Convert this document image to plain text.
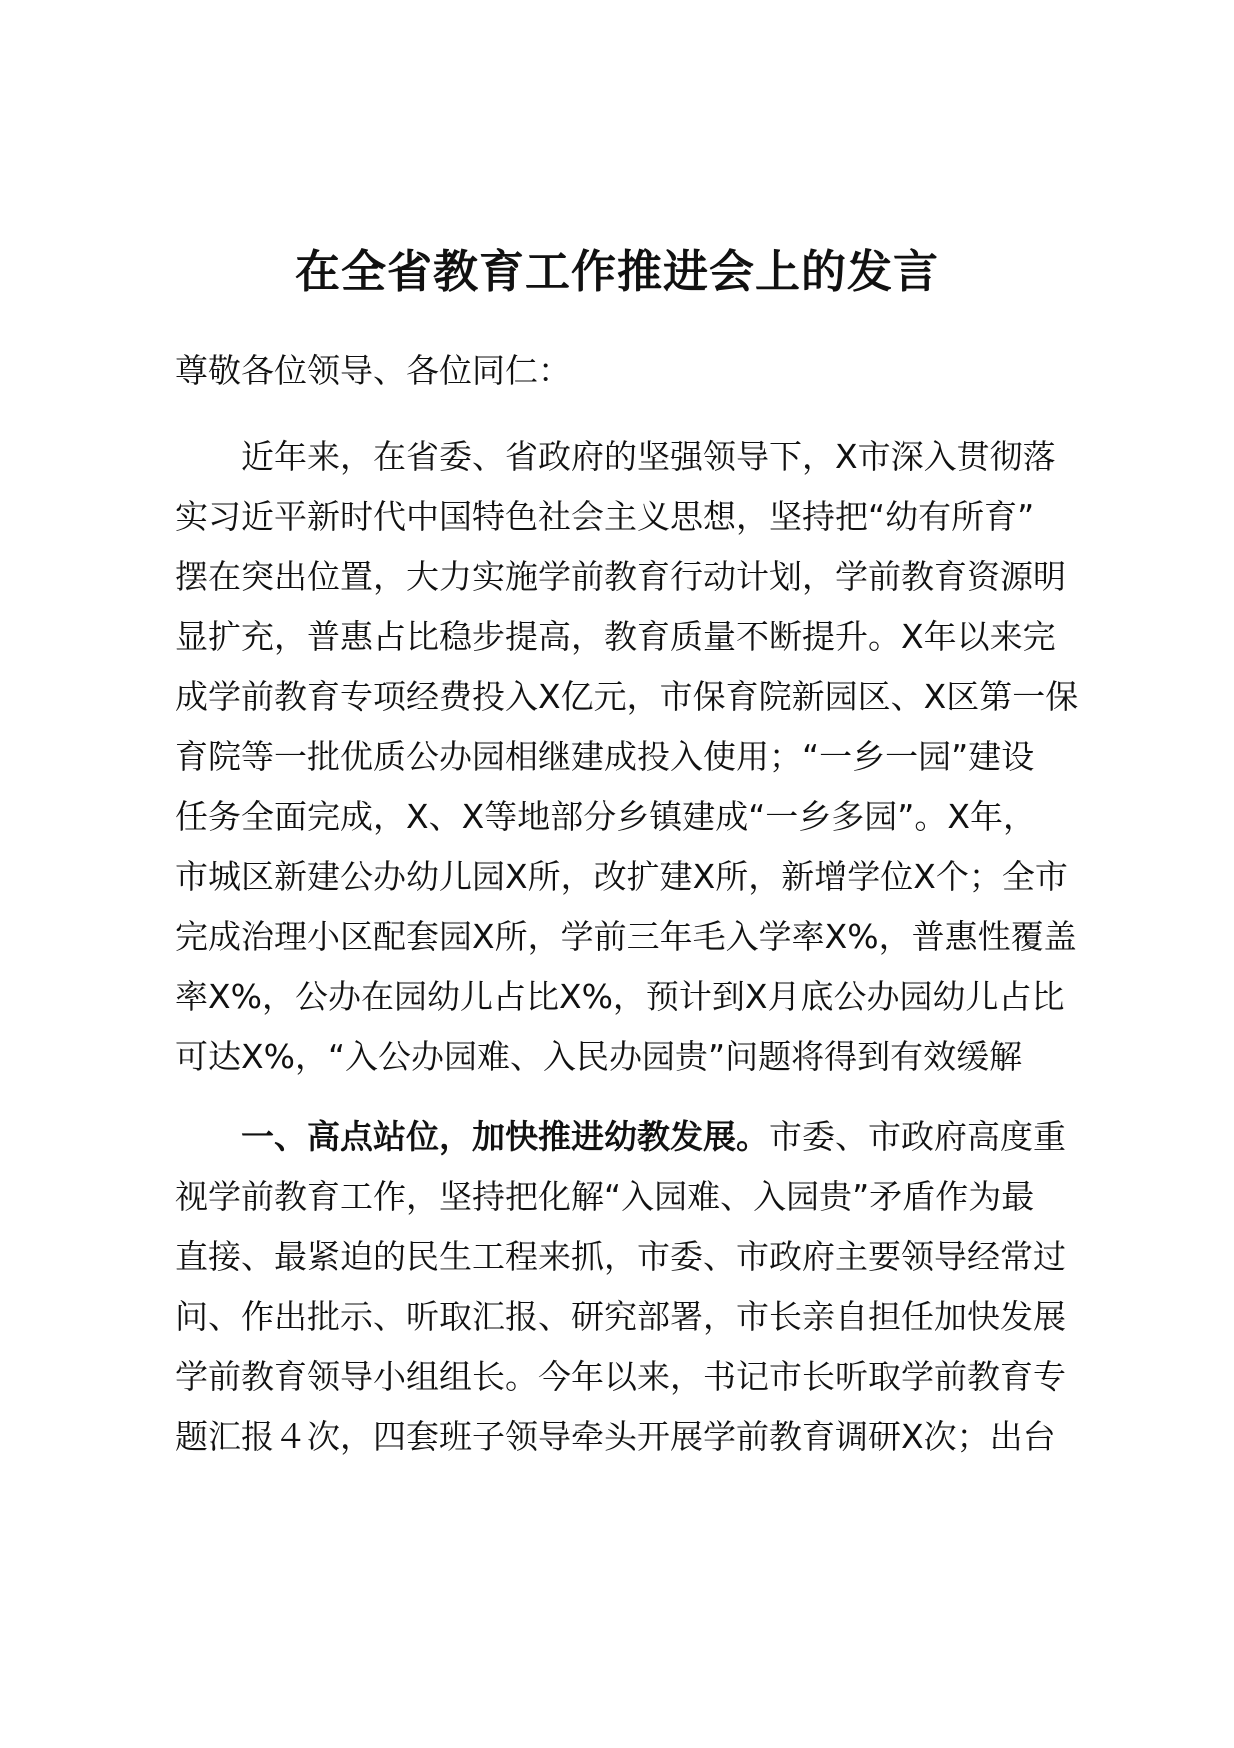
在全省教育工作推进会上的发言

尊敬各位领导、各位同仁：

近年来，在省委、省政府的坚强领导下，X市深入贯彻落
实习近平新时代中国特色社会主义思想，坚持把“幼有所育”
摆在突出位置，大力实施学前教育行动计划，学前教育资源明
显扩充，普惠占比稳步提高，教育质量不断提升。X年以来完
成学前教育专项经费投入X亿元，市保育院新园区、X区第一保
育院等一批优质公办园相继建成投入使用；“一乡一园”建设
任务全面完成，X、X等地部分乡镇建成“一乡多园”。X年，
市城区新建公办幼儿园X所，改扩建X所，新增学位X个；全市
完成治理小区配套园X所，学前三年毛入学率X%，普惠性覆盖
率X%，公办在园幼儿占比X%，预计到X月底公办园幼儿占比
可达X%，“入公办园难、入民办园贵”问题将得到有效缓解
一、高点站位，加快推进幼教发展。市委、市政府高度重
视学前教育工作，坚持把化解“入园难、入园贵”矛盾作为最
直接、最紧迫的民生工程来抓，市委、市政府主要领导经常过
问、作出批示、听取汇报、研究部署，市长亲自担任加快发展
学前教育领导小组组长。今年以来，书记市长听取学前教育专
题汇报４次，四套班子领导牵头开展学前教育调研X次；出台
